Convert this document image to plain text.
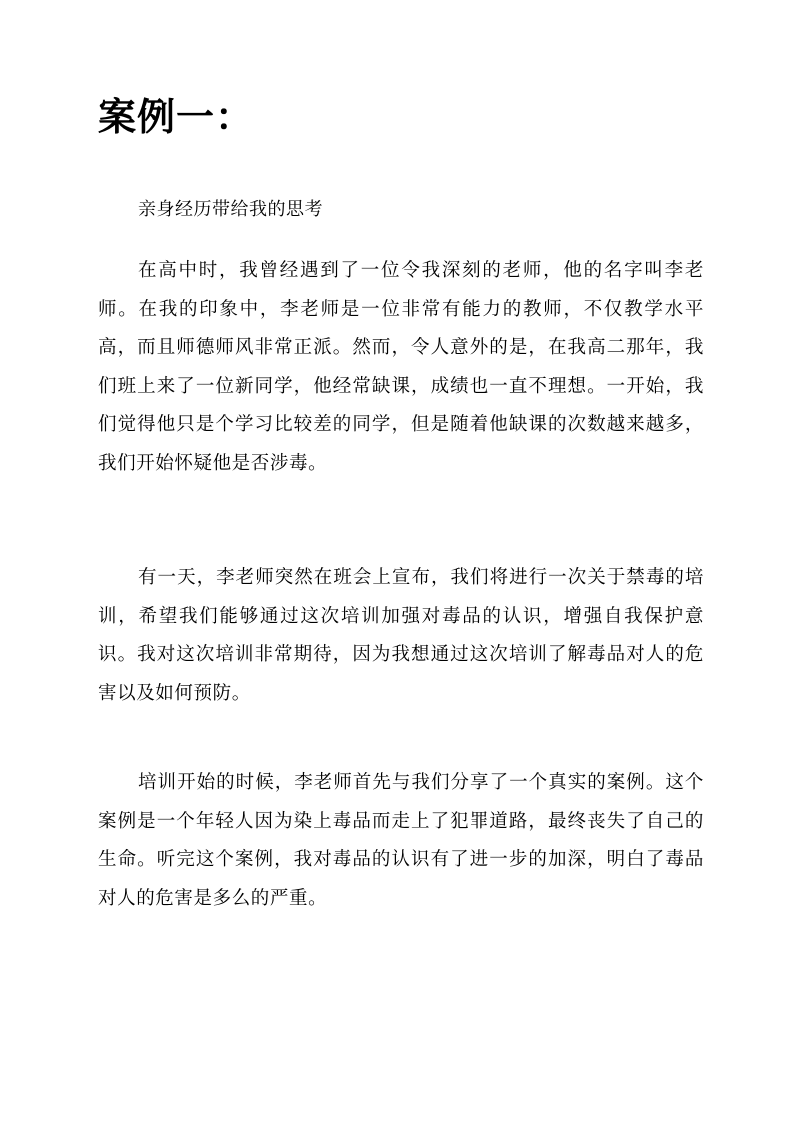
案例一：

亲身经历带给我的思考

在高中时，我曾经遇到了一位令我深刻的老师，他的名字叫李老师。在我的印象中，李老师是一位非常有能力的教师，不仅教学水平高，而且师德师风非常正派。然而，令人意外的是，在我高二那年，我们班上来了一位新同学，他经常缺课，成绩也一直不理想。一开始，我们觉得他只是个学习比较差的同学，但是随着他缺课的次数越来越多，我们开始怀疑他是否涉毒。

有一天，李老师突然在班会上宣布，我们将进行一次关于禁毒的培训，希望我们能够通过这次培训加强对毒品的认识，增强自我保护意识。我对这次培训非常期待，因为我想通过这次培训了解毒品对人的危害以及如何预防。

培训开始的时候，李老师首先与我们分享了一个真实的案例。这个案例是一个年轻人因为染上毒品而走上了犯罪道路，最终丧失了自己的生命。听完这个案例，我对毒品的认识有了进一步的加深，明白了毒品对人的危害是多么的严重。
